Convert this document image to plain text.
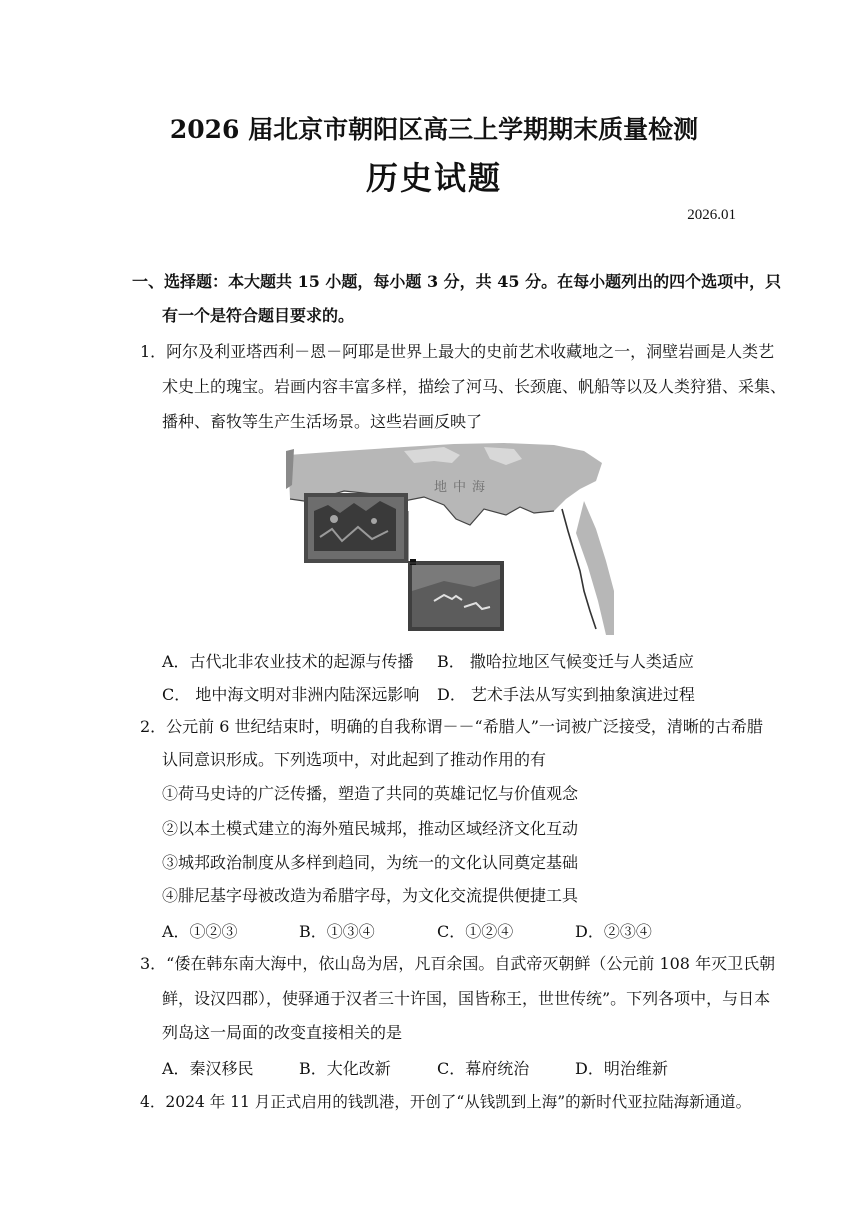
2026 届北京市朝阳区高三上学期期末质量检测
历史试题
2026.01
一、选择题：本大题共 15 小题，每小题 3 分，共 45 分。在每小题列出的四个选项中，只
有一个是符合题目要求的。
1．阿尔及利亚塔西利－恩－阿耶是世界上最大的史前艺术收藏地之一，洞壁岩画是人类艺
术史上的瑰宝。岩画内容丰富多样，描绘了河马、长颈鹿、帆船等以及人类狩猎、采集、
播种、畜牧等生产生活场景。这些岩画反映了
地中海
A．古代北非农业技术的起源与传播 B． 撒哈拉地区气候变迁与人类适应
C． 地中海文明对非洲内陆深远影响 D． 艺术手法从写实到抽象演进过程
2．公元前 6 世纪结束时，明确的自我称谓－－“希腊人”一词被广泛接受，清晰的古希腊
认同意识形成。下列选项中，对此起到了推动作用的有
①荷马史诗的广泛传播，塑造了共同的英雄记忆与价值观念
②以本土模式建立的海外殖民城邦，推动区域经济文化互动
③城邦政治制度从多样到趋同，为统一的文化认同奠定基础
④腓尼基字母被改造为希腊字母，为文化交流提供便捷工具
A．①②③	B．①③④	C．①②④	D．②③④
3．“倭在韩东南大海中，依山岛为居，凡百余国。自武帝灭朝鲜（公元前 108 年灭卫氏朝
鲜，设汉四郡），使驿通于汉者三十许国，国皆称王，世世传统”。下列各项中，与日本
列岛这一局面的改变直接相关的是
A．秦汉移民	B．大化改新	C．幕府统治	D．明治维新
4．2024 年 11 月正式启用的钱凯港，开创了“从钱凯到上海”的新时代亚拉陆海新通道。
